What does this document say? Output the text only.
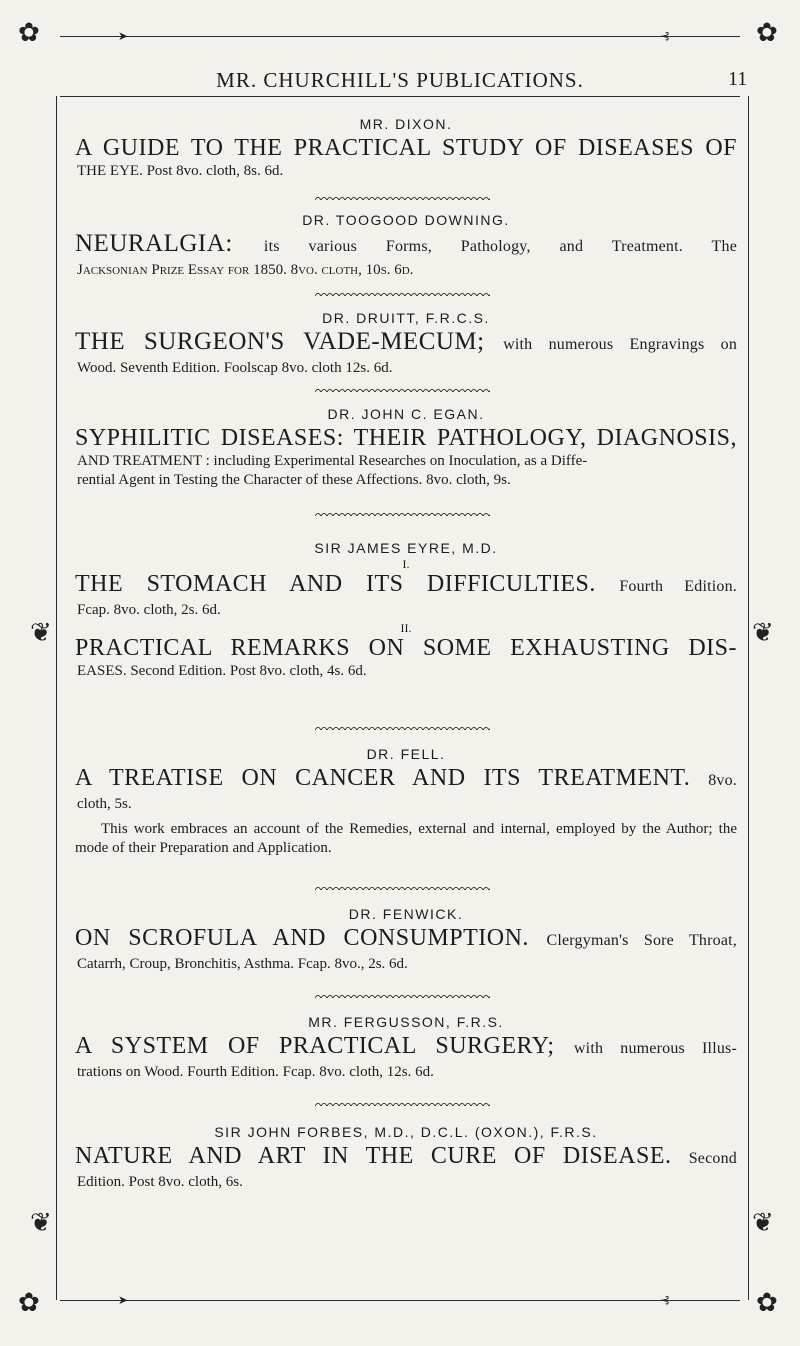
✿	✿
✿	✿
❦	❦
❦	❦
➤	⊰
➤	⊰
MR. CHURCHILL'S PUBLICATIONS.	11
MR. DIXON.
A GUIDE TO THE PRACTICAL STUDY OF DISEASES OF
THE EYE. Post 8vo. cloth, 8s. 6d.
DR. TOOGOOD DOWNING.
NEURALGIA: its various Forms, Pathology, and Treatment. The
Jacksonian Prize Essay for 1850. 8vo. cloth, 10s. 6d.
DR. DRUITT, F.R.C.S.
THE SURGEON'S VADE-MECUM; with numerous Engravings on
Wood. Seventh Edition. Foolscap 8vo. cloth 12s. 6d.
DR. JOHN C. EGAN.
SYPHILITIC DISEASES: THEIR PATHOLOGY, DIAGNOSIS,
AND TREATMENT : including Experimental Researches on Inoculation, as a Diffe-
rential Agent in Testing the Character of these Affections. 8vo. cloth, 9s.
SIR JAMES EYRE, M.D.
I.
THE STOMACH AND ITS DIFFICULTIES. Fourth Edition.
Fcap. 8vo. cloth, 2s. 6d.
II.
PRACTICAL REMARKS ON SOME EXHAUSTING DIS-
EASES. Second Edition. Post 8vo. cloth, 4s. 6d.
DR. FELL.
A TREATISE ON CANCER AND ITS TREATMENT. 8vo.
cloth, 5s.
This work embraces an account of the Remedies, external and internal, employed by the Author; the mode of their Preparation and Application.
DR. FENWICK.
ON SCROFULA AND CONSUMPTION. Clergyman's Sore Throat,
Catarrh, Croup, Bronchitis, Asthma. Fcap. 8vo., 2s. 6d.
MR. FERGUSSON, F.R.S.
A SYSTEM OF PRACTICAL SURGERY; with numerous Illus-
trations on Wood. Fourth Edition. Fcap. 8vo. cloth, 12s. 6d.
SIR JOHN FORBES, M.D., D.C.L. (OXON.), F.R.S.
NATURE AND ART IN THE CURE OF DISEASE. Second
Edition. Post 8vo. cloth, 6s.
